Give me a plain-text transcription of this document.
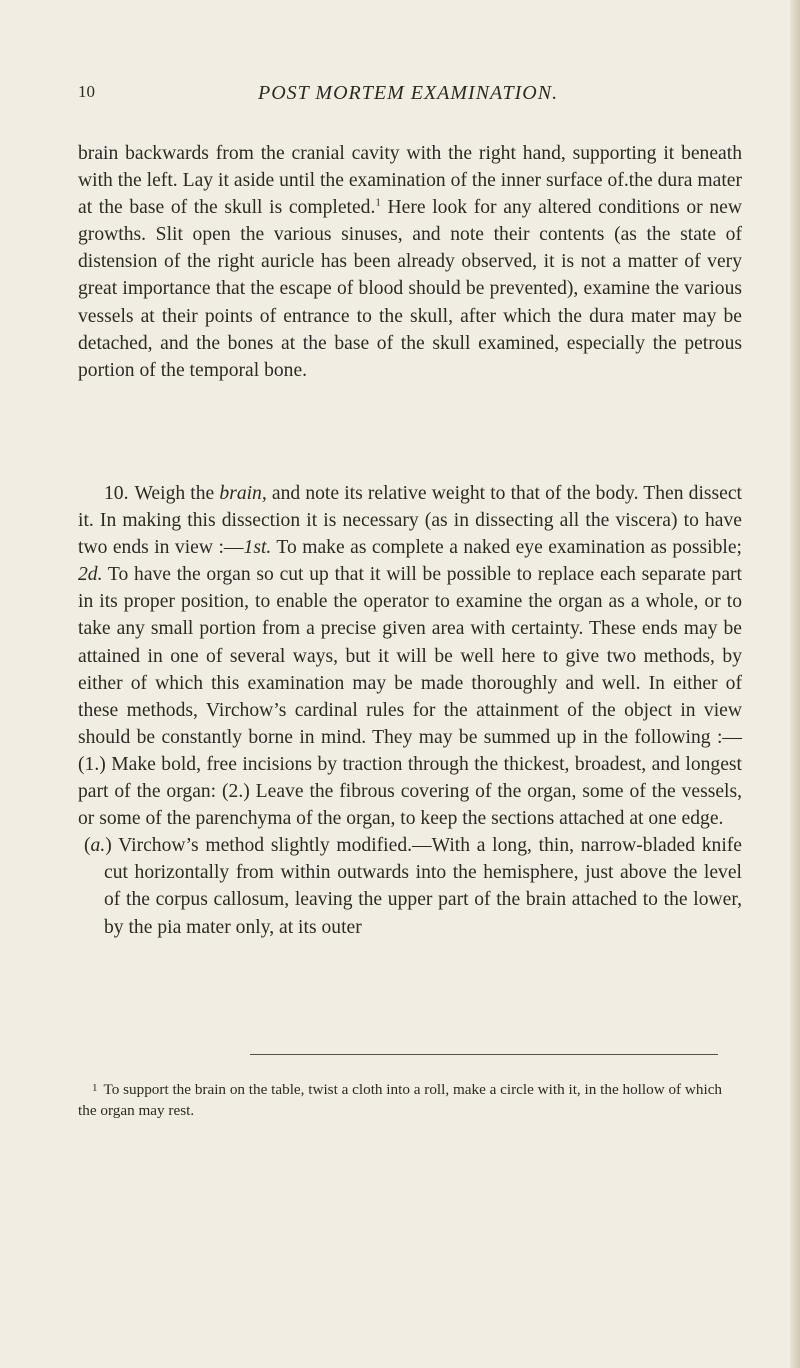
10	POST MORTEM EXAMINATION.

brain backwards from the cranial cavity with the right hand, supporting it beneath with the left. Lay it aside until the examination of the inner surface of.the dura mater at the base of the skull is completed.$^1$ Here look for any altered conditions or new growths. Slit open the various sinuses, and note their contents (as the state of distension of the right auricle has been already observed, it is not a matter of very great importance that the escape of blood should be prevented), examine the various vessels at their points of entrance to the skull, after which the dura mater may be detached, and the bones at the base of the skull examined, especially the petrous portion of the temporal bone.

10. Weigh the brain, and note its relative weight to that of the body. Then dissect it. In making this dissection it is necessary (as in dissecting all the viscera) to have two ends in view :—1st. To make as complete a naked eye examination as possible; 2d. To have the organ so cut up that it will be possible to replace each separate part in its proper position, to enable the operator to examine the organ as a whole, or to take any small portion from a precise given area with certainty. These ends may be attained in one of several ways, but it will be well here to give two methods, by either of which this examination may be made thoroughly and well. In either of these methods, Virchow’s cardinal rules for the attainment of the object in view should be constantly borne in mind. They may be summed up in the following :—(1.) Make bold, free incisions by traction through the thickest, broadest, and longest part of the organ: (2.) Leave the fibrous covering of the organ, some of the vessels, or some of the parenchyma of the organ, to keep the sections attached at one edge.

(a.) Virchow’s method slightly modified.—With a long, thin, narrow-bladed knife cut horizontally from within outwards into the hemisphere, just above the level of the corpus callosum, leaving the upper part of the brain attached to the lower, by the pia mater only, at its outer

1 To support the brain on the table, twist a cloth into a roll, make a circle with it, in the hollow of which the organ may rest.
